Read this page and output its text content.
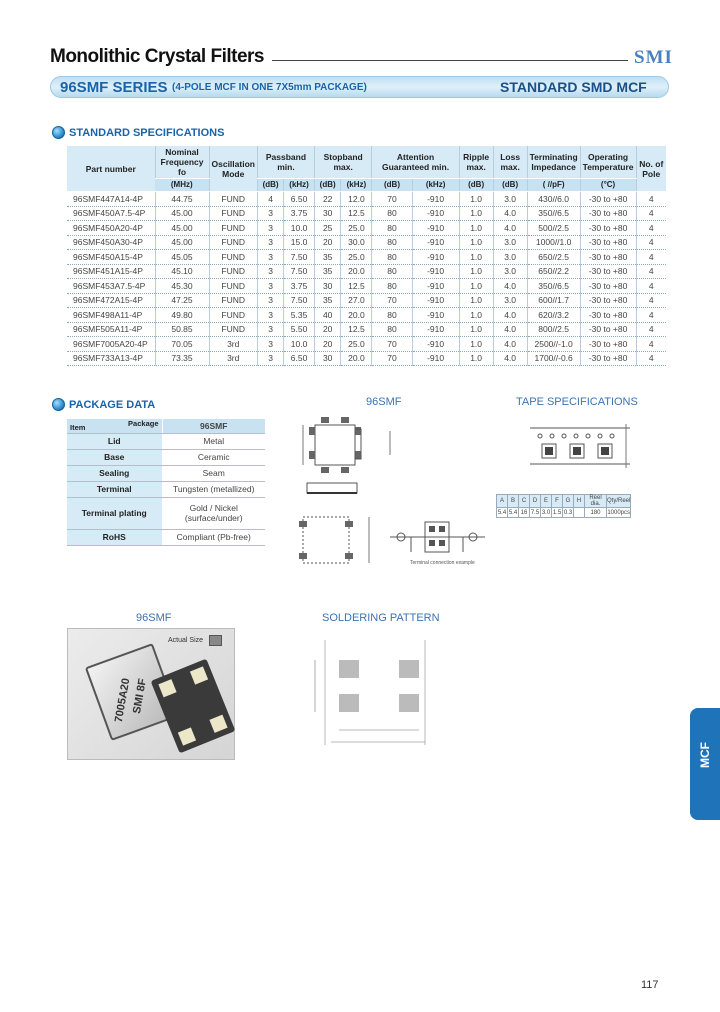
Monolithic Crystal Filters	SMI
96SMF SERIES (4-POLE MCF IN ONE 7X5mm PACKAGE)	STANDARD SMD MCF
STANDARD SPECIFICATIONS
Part number	Nominal Frequency fo	Oscillation Mode	Passband min.		Stopband max.		Attention Guaranteed min.		Ripple max.	Loss max.	Terminating Impedance	Operating Temperature	No. of Pole
	(MHz)		(dB)	(kHz)	(dB)	(kHz)	(dB)	(kHz)	(dB)	(dB)	( //pF)	(°C)	
96SMF447A14-4P	44.75	FUND	4	6.50	22	12.0	70	-910	1.0	3.0	430//6.0	-30 to +80	4
96SMF450A7.5-4P	45.00	FUND	3	3.75	30	12.5	80	-910	1.0	4.0	350//6.5	-30 to +80	4
96SMF450A20-4P	45.00	FUND	3	10.0	25	25.0	80	-910	1.0	4.0	500//2.5	-30 to +80	4
96SMF450A30-4P	45.00	FUND	3	15.0	20	30.0	80	-910	1.0	3.0	1000//1.0	-30 to +80	4
96SMF450A15-4P	45.05	FUND	3	7.50	35	25.0	80	-910	1.0	3.0	650//2.5	-30 to +80	4
96SMF451A15-4P	45.10	FUND	3	7.50	35	20.0	80	-910	1.0	3.0	650//2.2	-30 to +80	4
96SMF453A7.5-4P	45.30	FUND	3	3.75	30	12.5	80	-910	1.0	4.0	350//6.5	-30 to +80	4
96SMF472A15-4P	47.25	FUND	3	7.50	35	27.0	70	-910	1.0	3.0	600//1.7	-30 to +80	4
96SMF498A11-4P	49.80	FUND	3	5.35	40	20.0	80	-910	1.0	4.0	620//3.2	-30 to +80	4
96SMF505A11-4P	50.85	FUND	3	5.50	20	12.5	80	-910	1.0	4.0	800//2.5	-30 to +80	4
96SMF7005A20-4P	70.05	3rd	3	10.0	20	25.0	70	-910	1.0	4.0	2500//-1.0	-30 to +80	4
96SMF733A13-4P	73.35	3rd	3	6.50	30	20.0	70	-910	1.0	4.0	1700//-0.6	-30 to +80	4
PACKAGE DATA
Item Package	96SMF
Lid	Metal
Base	Ceramic
Sealing	Seam
Terminal	Tungsten (metallized)
Terminal plating	Gold / Nickel (surface/under)
RoHS	Compliant (Pb-free)
96SMF
Terminal connection example
TAPE SPECIFICATIONS
A	B	C	D	E	F	G	H	Reel dia.	Qty/Reel
5.4	5.4	16	7.5	3.0	1.5	0.3		180	1000pcs
96SMF
Actual Size
7005A20
SMI 8F
SOLDERING PATTERN
MCF
117
